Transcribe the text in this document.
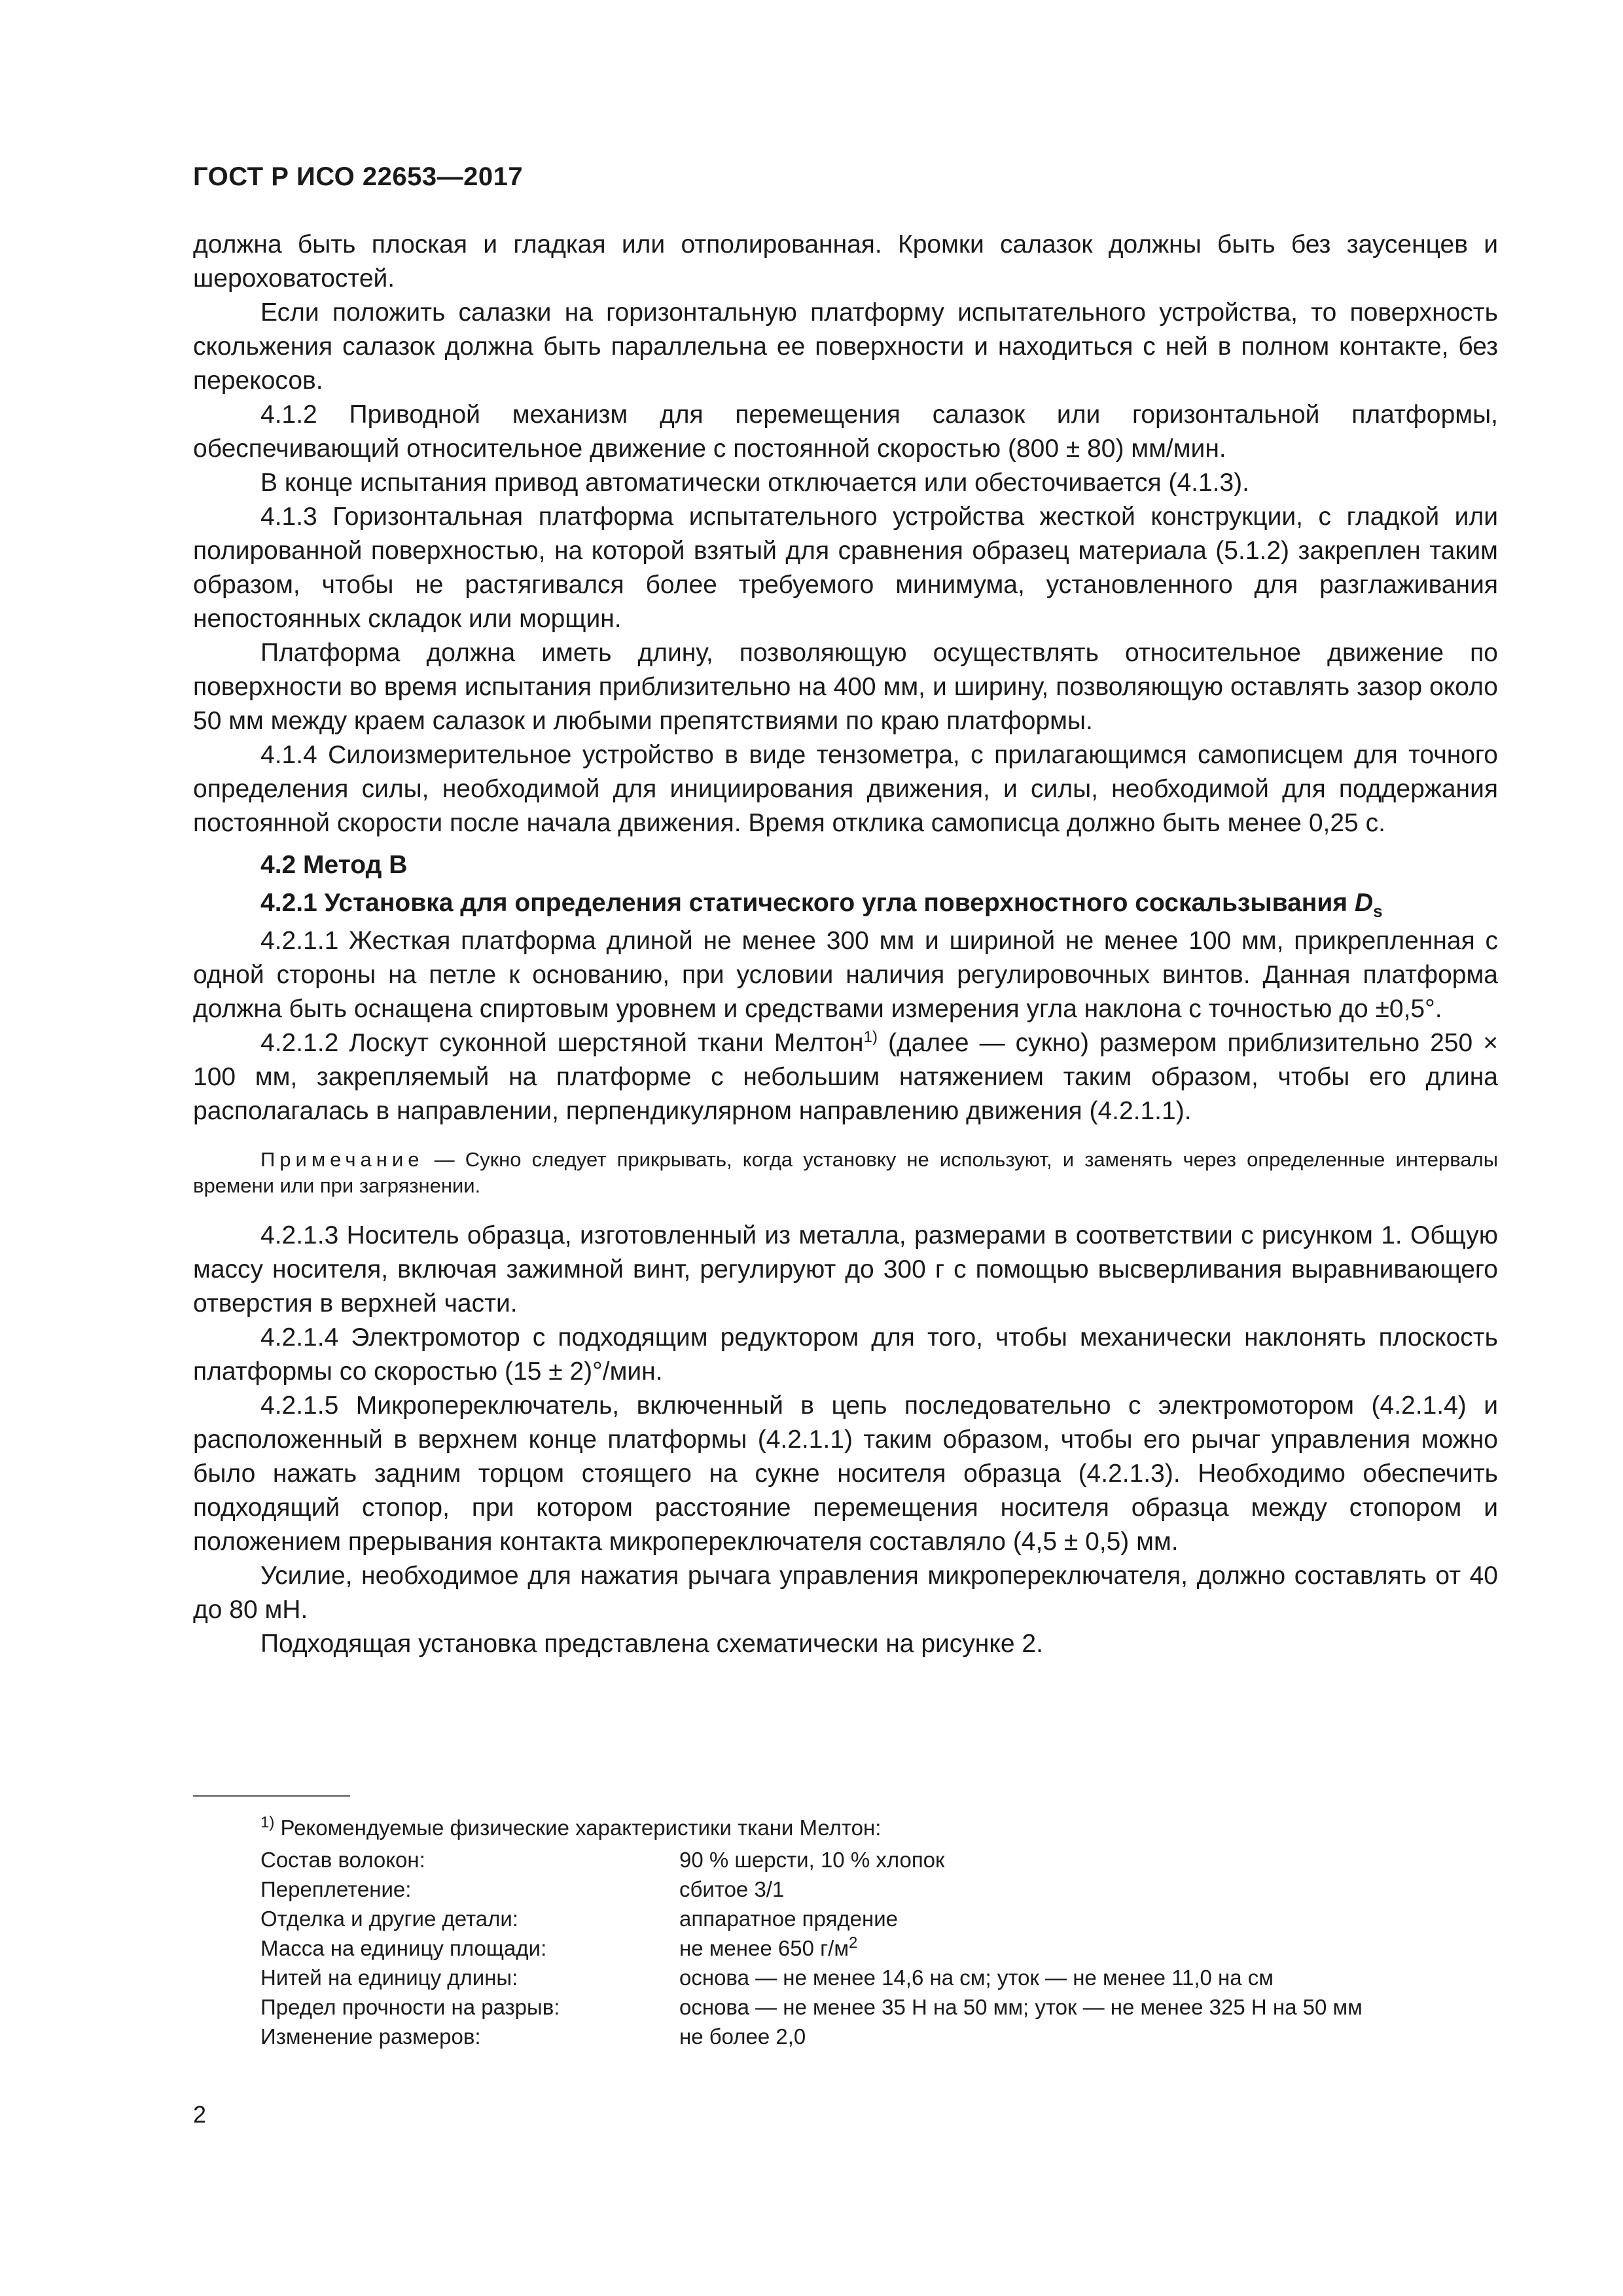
ГОСТ Р ИСО 22653—2017

должна быть плоская и гладкая или отполированная. Кромки салазок должны быть без заусенцев и шероховатостей.

Если положить салазки на горизонтальную платформу испытательного устройства, то поверхность скольжения салазок должна быть параллельна ее поверхности и находиться с ней в полном контакте, без перекосов.

4.1.2 Приводной механизм для перемещения салазок или горизонтальной платформы, обеспечивающий относительное движение с постоянной скоростью (800 ± 80) мм/мин.

В конце испытания привод автоматически отключается или обесточивается (4.1.3).

4.1.3 Горизонтальная платформа испытательного устройства жесткой конструкции, с гладкой или полированной поверхностью, на которой взятый для сравнения образец материала (5.1.2) закреплен таким образом, чтобы не растягивался более требуемого минимума, установленного для разглаживания непостоянных складок или морщин.

Платформа должна иметь длину, позволяющую осуществлять относительное движение по поверхности во время испытания приблизительно на 400 мм, и ширину, позволяющую оставлять зазор около 50 мм между краем салазок и любыми препятствиями по краю платформы.

4.1.4 Силоизмерительное устройство в виде тензометра, с прилагающимся самописцем для точного определения силы, необходимой для инициирования движения, и силы, необходимой для поддержания постоянной скорости после начала движения. Время отклика самописца должно быть менее 0,25 с.

4.2 Метод В

4.2.1 Установка для определения статического угла поверхностного соскальзывания $D_s$

4.2.1.1 Жесткая платформа длиной не менее 300 мм и шириной не менее 100 мм, прикрепленная с одной стороны на петле к основанию, при условии наличия регулировочных винтов. Данная платформа должна быть оснащена спиртовым уровнем и средствами измерения угла наклона с точностью до ±0,5°.

4.2.1.2 Лоскут суконной шерстяной ткани Мелтон$^{1)}$ (далее — сукно) размером приблизительно 250 × 100 мм, закрепляемый на платформе с небольшим натяжением таким образом, чтобы его длина располагалась в направлении, перпендикулярном направлению движения (4.2.1.1).

Примечание — Сукно следует прикрывать, когда установку не используют, и заменять через определенные интервалы времени или при загрязнении.

4.2.1.3 Носитель образца, изготовленный из металла, размерами в соответствии с рисунком 1. Общую массу носителя, включая зажимной винт, регулируют до 300 г с помощью высверливания выравнивающего отверстия в верхней части.

4.2.1.4 Электромотор с подходящим редуктором для того, чтобы механически наклонять плоскость платформы со скоростью (15 ± 2)°/мин.

4.2.1.5 Микропереключатель, включенный в цепь последовательно с электромотором (4.2.1.4) и расположенный в верхнем конце платформы (4.2.1.1) таким образом, чтобы его рычаг управления можно было нажать задним торцом стоящего на сукне носителя образца (4.2.1.3). Необходимо обеспечить подходящий стопор, при котором расстояние перемещения носителя образца между стопором и положением прерывания контакта микропереключателя составляло (4,5 ± 0,5) мм.

Усилие, необходимое для нажатия рычага управления микропереключателя, должно составлять от 40 до 80 мН.

Подходящая установка представлена схематически на рисунке 2.

$^{1)}$ Рекомендуемые физические характеристики ткани Мелтон:
Состав волокон:	90 % шерсти, 10 % хлопок
Переплетение:	сбитое 3/1
Отделка и другие детали:	аппаратное прядение
Масса на единицу площади:	не менее 650 $г/м^2$
Нитей на единицу длины:	основа — не менее 14,6 на см; уток — не менее 11,0 на см
Предел прочности на разрыв:	основа — не менее 35 Н на 50 мм; уток — не менее 325 Н на 50 мм
Изменение размеров:	не более 2,0
2
